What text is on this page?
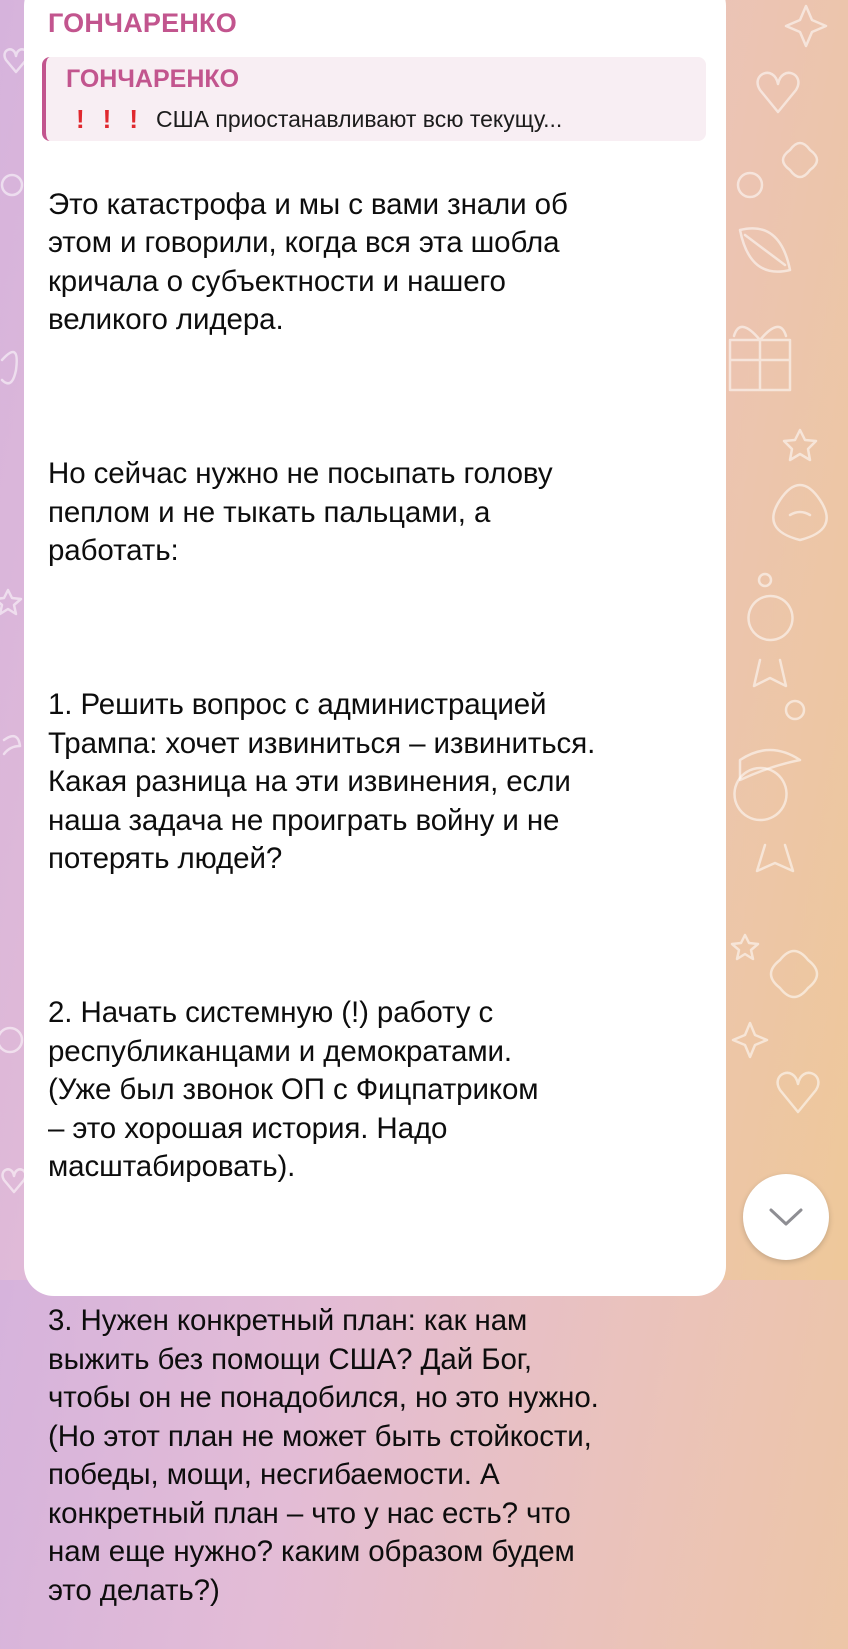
ГОНЧАРЕНКО
ГОНЧАРЕНКО
! ! ! США приостанавливают всю текущу...

Это катастрофа и мы с вами знали об
этом и говорили, когда вся эта шобла
кричала о субъектности и нашего
великого лидера.

Но сейчас нужно не посыпать голову
пеплом и не тыкать пальцами, а
работать:

1. Решить вопрос с администрацией
Трампа: хочет извиниться – извиниться.
Какая разница на эти извинения, если
наша задача не проиграть войну и не
потерять людей?

2. Начать системную (!) работу с
республиканцами и демократами.
(Уже был звонок ОП с Фицпатриком
– это хорошая история. Надо
масштабировать).

3. Нужен конкретный план: как нам
выжить без помощи США? Дай Бог,
чтобы он не понадобился, но это нужно.
(Но этот план не может быть стойкости,
победы, мощи, несгибаемости. А
конкретный план – что у нас есть? что
нам еще нужно? каким образом будем
это делать?)
